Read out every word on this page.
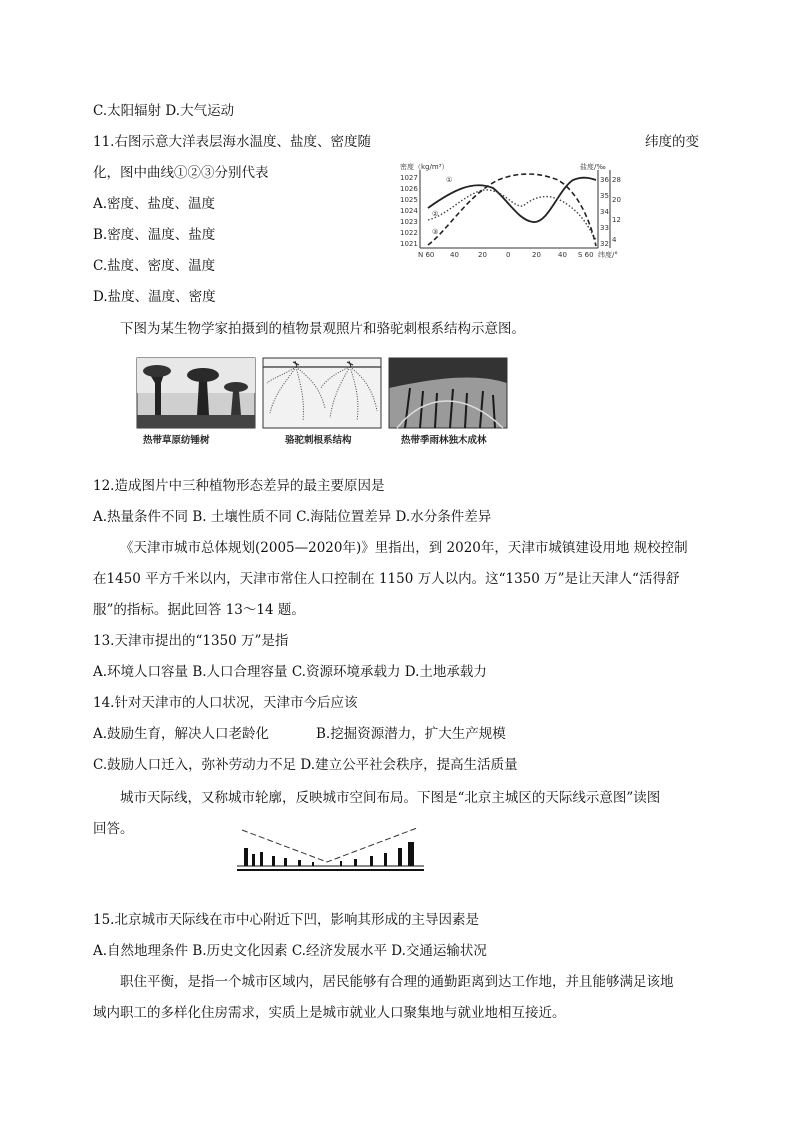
C.太阳辐射 D.大气运动
11.右图示意大洋表层海水温度、盐度、密度随	纬度的变
化，图中曲线①②③分别代表
A.密度、盐度、温度
B.密度、温度、盐度
C.盐度、密度、温度
D.盐度、温度、密度
密度（kg/m³）	盐度/‰
1027
1026
1025
1024
1023
1022
1021
36
35
34
33
32
28
20
12
4
①
②
③
N 60 40	20	0	20 40 S 60 纬度/°
下图为某生物学家拍摄到的植物景观照片和骆驼刺根系结构示意图。
热带草原纺锤树	骆驼刺根系结构	热带季雨林独木成林
12.造成图片中三种植物形态差异的最主要原因是
A.热量条件不同 B. 土壤性质不同 C.海陆位置差异 D.水分条件差异
《天津市城市总体规划(2005—2020年)》里指出，到 2020年，天津市城镇建设用地 规校控制
在1450 平方千米以内，天津市常住人口控制在 1150 万人以内。这“1350 万”是让天津人“活得舒
服”的指标。据此回答 13～14 题。
13.天津市提出的“1350 万”是指
A.环境人口容量 B.人口合理容量 C.资源环境承载力 D.土地承载力
14.针对天津市的人口状况，天津市今后应该
A.鼓励生育，解决人口老龄化	B.挖掘资源潜力，扩大生产规模
C.鼓励人口迁入，弥补劳动力不足 D.建立公平社会秩序，提高生活质量
城市天际线，又称城市轮廓，反映城市空间布局。下图是“北京主城区的天际线示意图”读图
回答。
15.北京城市天际线在市中心附近下凹，影响其形成的主导因素是
A.自然地理条件 B.历史文化因素 C.经济发展水平 D.交通运输状况
职住平衡，是指一个城市区域内，居民能够有合理的通勤距离到达工作地，并且能够满足该地
域内职工的多样化住房需求，实质上是城市就业人口聚集地与就业地相互接近。
